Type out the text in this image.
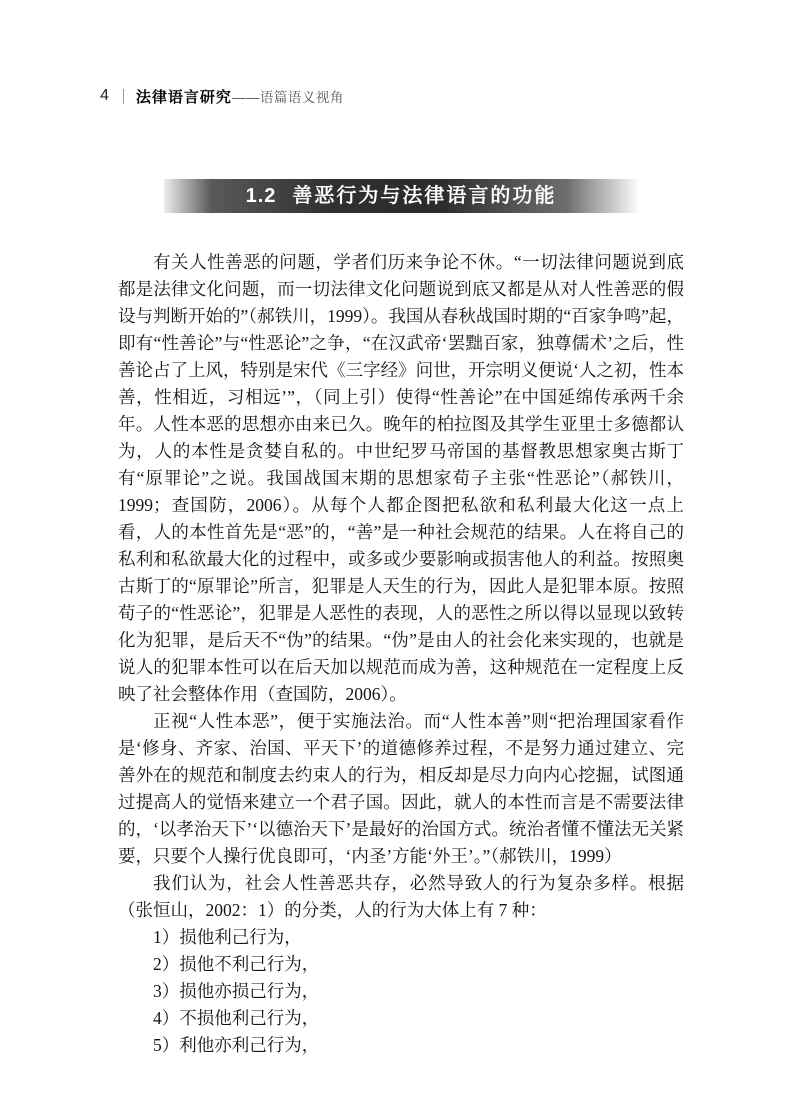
4 法律语言研究 ——语篇语义视角
1.2 善恶行为与法律语言的功能

有关人性善恶的问题，学者们历来争论不休。“一切法律问题说到底都是法律文化问题，而一切法律文化问题说到底又都是从对人性善恶的假设与判断开始的”（郝铁川，1999）。我国从春秋战国时期的“百家争鸣”起，即有“性善论”与“性恶论”之争，“在汉武帝‘罢黜百家，独尊儒术’之后，性善论占了上风，特别是宋代《三字经》问世，开宗明义便说‘人之初，性本善，性相近，习相远’”，（同上引）使得“性善论”在中国延绵传承两千余年。人性本恶的思想亦由来已久。晚年的柏拉图及其学生亚里士多德都认为，人的本性是贪婪自私的。中世纪罗马帝国的基督教思想家奥古斯丁有“原罪论”之说。我国战国末期的思想家荀子主张“性恶论”（郝铁川，1999；查国防，2006）。从每个人都企图把私欲和私利最大化这一点上看，人的本性首先是“恶”的，“善”是一种社会规范的结果。人在将自己的私利和私欲最大化的过程中，或多或少要影响或损害他人的利益。按照奥古斯丁的“原罪论”所言，犯罪是人天生的行为，因此人是犯罪本原。按照荀子的“性恶论”，犯罪是人恶性的表现，人的恶性之所以得以显现以致转化为犯罪，是后天不“伪”的结果。“伪”是由人的社会化来实现的，也就是说人的犯罪本性可以在后天加以规范而成为善，这种规范在一定程度上反映了社会整体作用（查国防，2006）。

正视“人性本恶”，便于实施法治。而“人性本善”则“把治理国家看作是‘修身、齐家、治国、平天下’的道德修养过程，不是努力通过建立、完善外在的规范和制度去约束人的行为，相反却是尽力向内心挖掘，试图通过提高人的觉悟来建立一个君子国。因此，就人的本性而言是不需要法律的，‘以孝治天下’‘以德治天下’是最好的治国方式。统治者懂不懂法无关紧要，只要个人操行优良即可，‘内圣’方能‘外王’。”（郝铁川，1999）

我们认为，社会人性善恶共存，必然导致人的行为复杂多样。根据（张恒山，2002：1）的分类，人的行为大体上有 7 种：

1）损他利己行为，
2）损他不利己行为，
3）损他亦损己行为，
4）不损他利己行为，
5）利他亦利己行为，
